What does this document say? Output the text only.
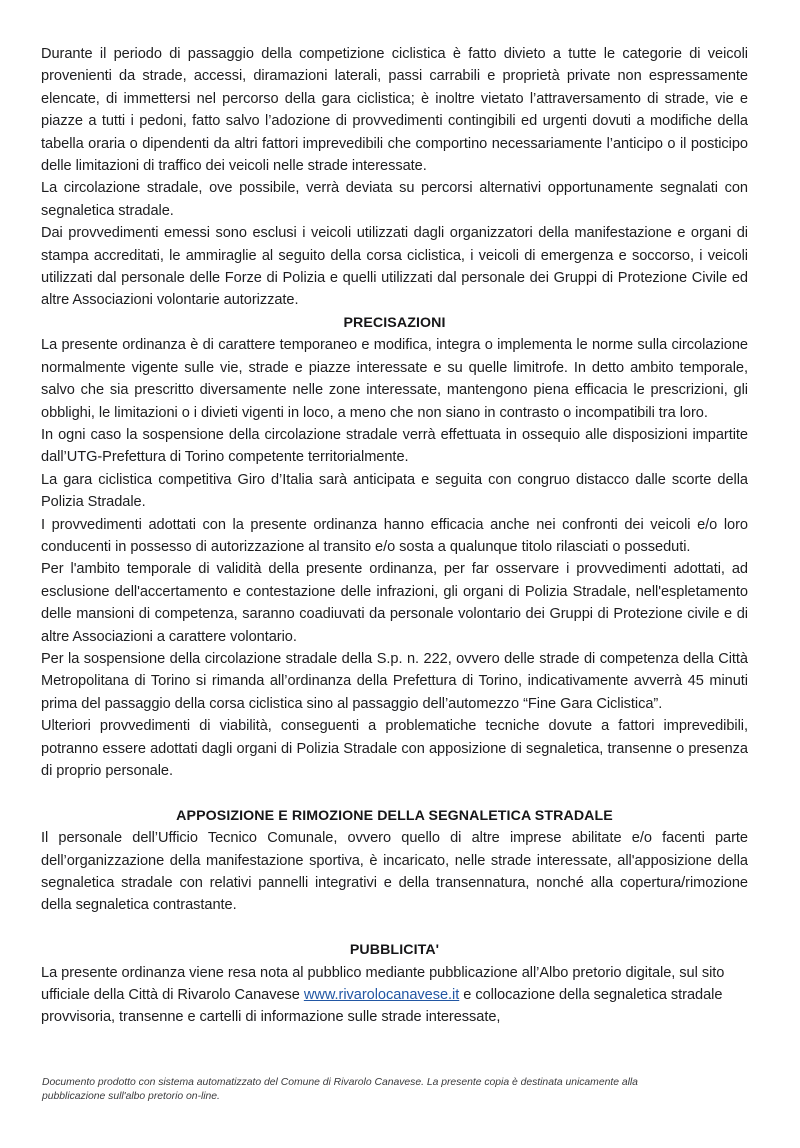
Durante il periodo di passaggio della competizione ciclistica è fatto divieto a tutte le categorie di veicoli provenienti da strade, accessi, diramazioni laterali, passi carrabili e proprietà private non espressamente elencate, di immettersi nel percorso della gara ciclistica; è inoltre vietato l’attraversamento di strade, vie e piazze a tutti i pedoni, fatto salvo l’adozione di provvedimenti contingibili ed urgenti dovuti a modifiche della tabella oraria o dipendenti da altri fattori imprevedibili che comportino necessariamente l’anticipo o il posticipo delle limitazioni di traffico dei veicoli nelle strade interessate.

La circolazione stradale, ove possibile, verrà deviata su percorsi alternativi opportunamente segnalati con segnaletica stradale.

Dai provvedimenti emessi sono esclusi i veicoli utilizzati dagli organizzatori della manifestazione e organi di stampa accreditati, le ammiraglie al seguito della corsa ciclistica, i veicoli di emergenza e soccorso, i veicoli utilizzati dal personale delle Forze di Polizia e quelli utilizzati dal personale dei Gruppi di Protezione Civile ed altre Associazioni volontarie autorizzate.

PRECISAZIONI

La presente ordinanza è di carattere temporaneo e modifica, integra o implementa le norme sulla circolazione normalmente vigente sulle vie, strade e piazze interessate e su quelle limitrofe. In detto ambito temporale, salvo che sia prescritto diversamente nelle zone interessate, mantengono piena efficacia le prescrizioni, gli obblighi, le limitazioni o i divieti vigenti in loco, a meno che non siano in contrasto o incompatibili tra loro.

In ogni caso la sospensione della circolazione stradale verrà effettuata in ossequio alle disposizioni impartite dall’UTG-Prefettura di Torino competente territorialmente.

La gara ciclistica competitiva Giro d’Italia sarà anticipata e seguita con congruo distacco dalle scorte della Polizia Stradale.

I provvedimenti adottati con la presente ordinanza hanno efficacia anche nei confronti dei veicoli e/o loro conducenti in possesso di autorizzazione al transito e/o sosta a qualunque titolo rilasciati o posseduti.

Per l'ambito temporale di validità della presente ordinanza, per far osservare i provvedimenti adottati, ad esclusione dell'accertamento e contestazione delle infrazioni, gli organi di Polizia Stradale, nell'espletamento delle mansioni di competenza, saranno coadiuvati da personale volontario dei Gruppi di Protezione civile e di altre Associazioni a carattere volontario.

Per la sospensione della circolazione stradale della S.p. n. 222, ovvero delle strade di competenza della Città Metropolitana di Torino si rimanda all’ordinanza della Prefettura di Torino, indicativamente avverrà 45 minuti prima del passaggio della corsa ciclistica sino al passaggio dell’automezzo “Fine Gara Ciclistica”.

Ulteriori provvedimenti di viabilità, conseguenti a problematiche tecniche dovute a fattori imprevedibili, potranno essere adottati dagli organi di Polizia Stradale con apposizione di segnaletica, transenne o presenza di proprio personale.

APPOSIZIONE E RIMOZIONE DELLA SEGNALETICA STRADALE

Il personale dell’Ufficio Tecnico Comunale, ovvero quello di altre imprese abilitate e/o facenti parte dell’organizzazione della manifestazione sportiva, è incaricato, nelle strade interessate, all'apposizione della segnaletica stradale con relativi pannelli integrativi e della transennatura, nonché alla copertura/rimozione della segnaletica contrastante.

PUBBLICITA'

La presente ordinanza viene resa nota al pubblico mediante pubblicazione all’Albo pretorio digitale, sul sito ufficiale della Città di Rivarolo Canavese www.rivarolocanavese.it e collocazione della segnaletica stradale provvisoria, transenne e cartelli di informazione sulle strade interessate,

Documento prodotto con sistema automatizzato del Comune di Rivarolo Canavese. La presente copia è destinata unicamente alla

pubblicazione sull'albo pretorio on-line.
